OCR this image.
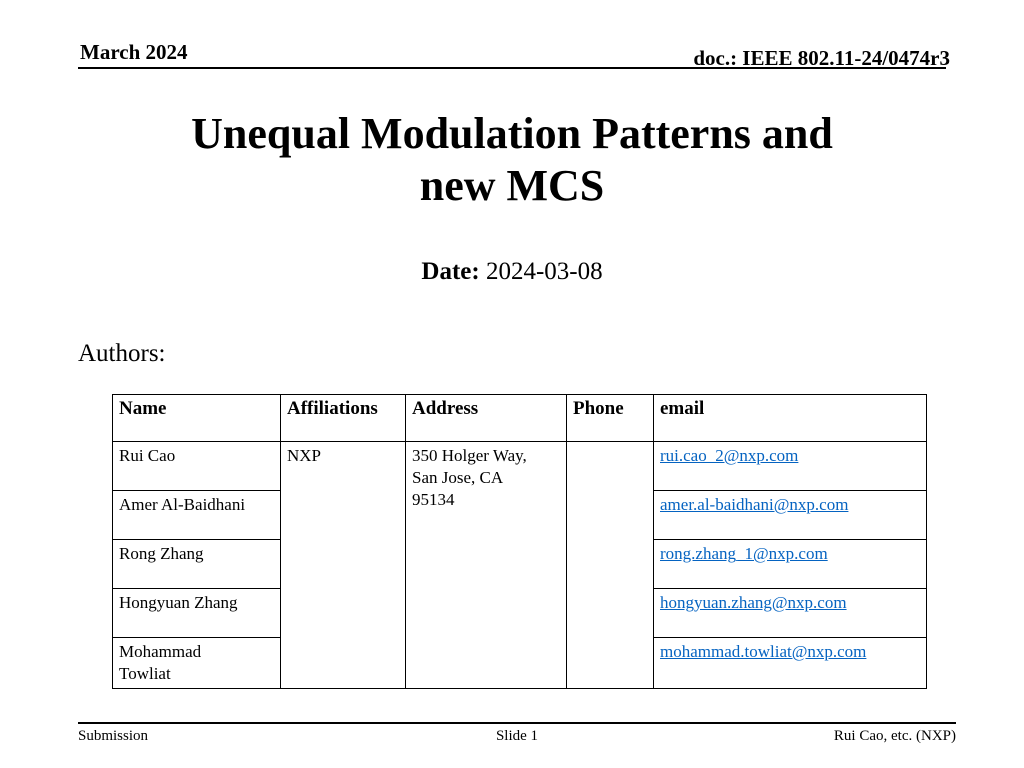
March 2024	doc.: IEEE 802.11-24/0474r3
Unequal Modulation Patterns and
new MCS
Date: 2024-03-08
Authors:
Name	Affiliations	Address	Phone	email
Rui Cao	NXP	350 Holger Way,
San Jose, CA
95134		rui.cao_2@nxp.com
Amer Al-Baidhani				amer.al-baidhani@nxp.com
Rong Zhang				rong.zhang_1@nxp.com
Hongyuan Zhang				hongyuan.zhang@nxp.com
Mohammad
Towliat				mohammad.towliat@nxp.com
Submission	Slide 1	Rui Cao, etc. (NXP)
